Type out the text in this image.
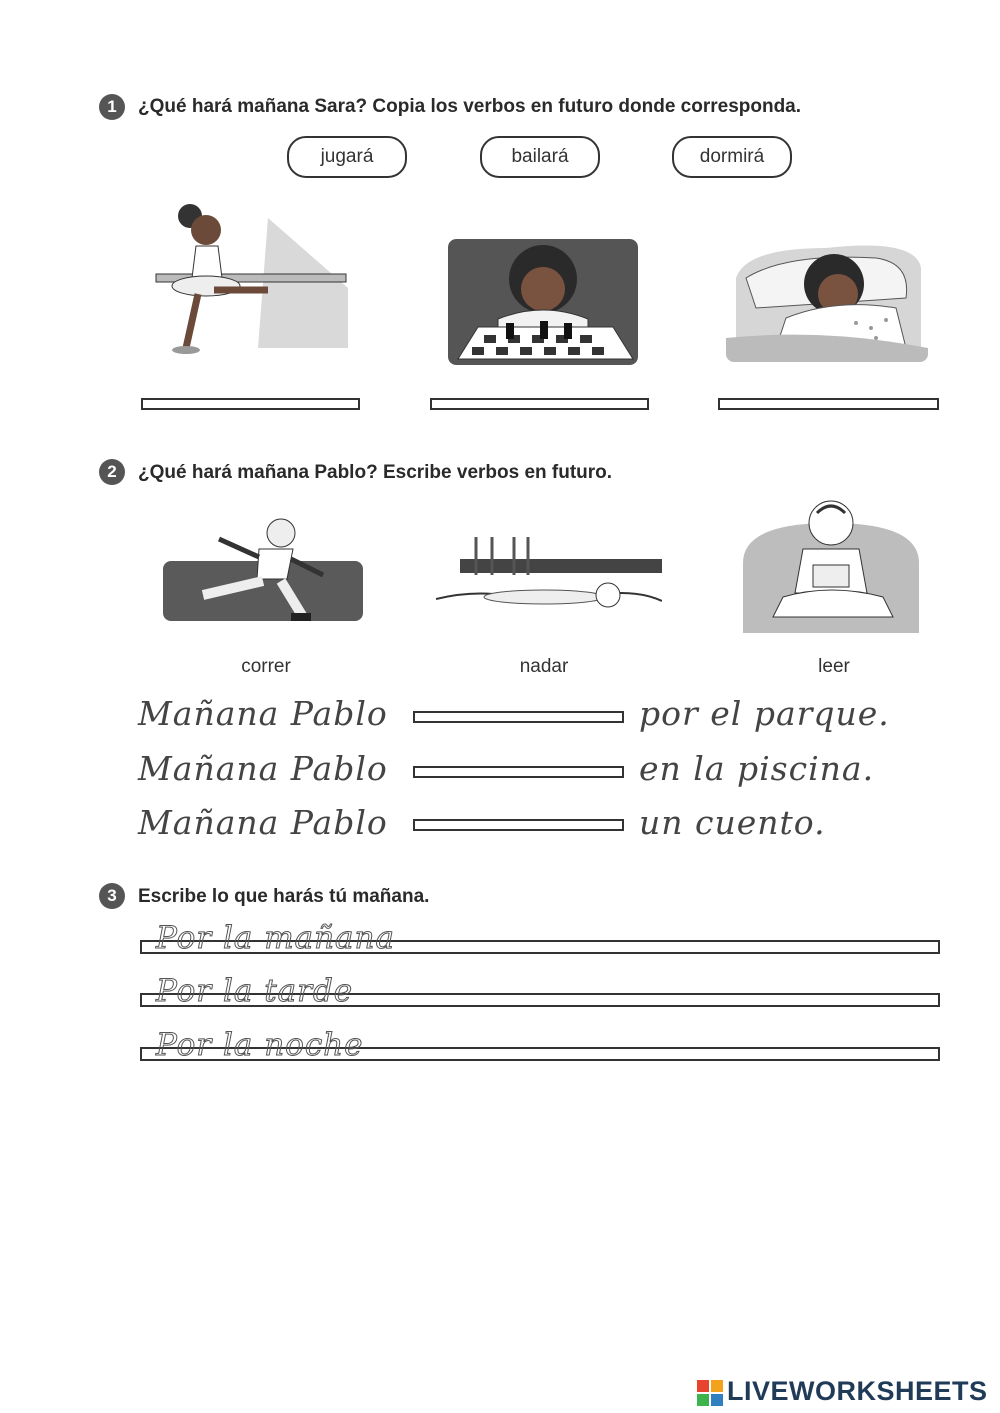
1	¿Qué hará mañana Sara? Copia los verbos en futuro donde corresponda.
jugará	bailará	dormirá
2	¿Qué hará mañana Pablo? Escribe verbos en futuro.
correr	nadar	leer
Mañana Pablo	por el parque.
Mañana Pablo	en la piscina.
Mañana Pablo	un cuento.
3	Escribe lo que harás tú mañana.
Por la mañana
Por la tarde
Por la noche
LIVEWORKSHEETS
